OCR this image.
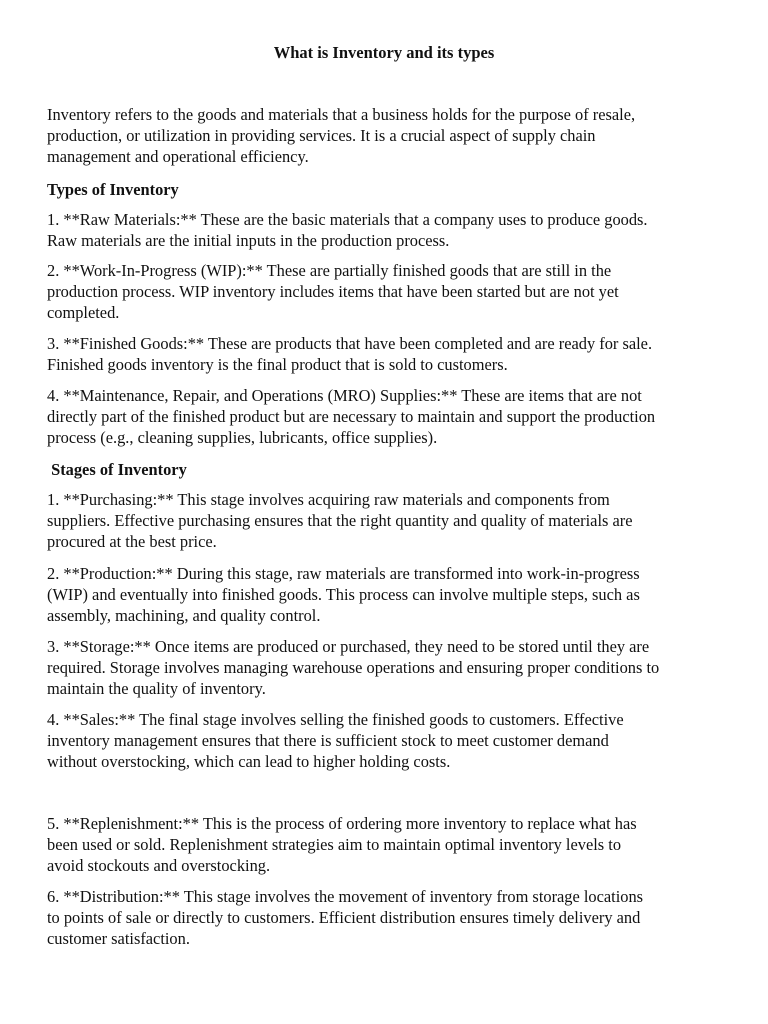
What is Inventory and its types

Inventory refers to the goods and materials that a business holds for the purpose of resale,
production, or utilization in providing services. It is a crucial aspect of supply chain
management and operational efficiency.

Types of Inventory

1. **Raw Materials:** These are the basic materials that a company uses to produce goods.
Raw materials are the initial inputs in the production process.

2. **Work-In-Progress (WIP):** These are partially finished goods that are still in the
production process. WIP inventory includes items that have been started but are not yet
completed.

3. **Finished Goods:** These are products that have been completed and are ready for sale.
Finished goods inventory is the final product that is sold to customers.

4. **Maintenance, Repair, and Operations (MRO) Supplies:** These are items that are not
directly part of the finished product but are necessary to maintain and support the production
process (e.g., cleaning supplies, lubricants, office supplies).

Stages of Inventory

1. **Purchasing:** This stage involves acquiring raw materials and components from
suppliers. Effective purchasing ensures that the right quantity and quality of materials are
procured at the best price.

2. **Production:** During this stage, raw materials are transformed into work-in-progress
(WIP) and eventually into finished goods. This process can involve multiple steps, such as
assembly, machining, and quality control.

3. **Storage:** Once items are produced or purchased, they need to be stored until they are
required. Storage involves managing warehouse operations and ensuring proper conditions to
maintain the quality of inventory.

4. **Sales:** The final stage involves selling the finished goods to customers. Effective
inventory management ensures that there is sufficient stock to meet customer demand
without overstocking, which can lead to higher holding costs.

5. **Replenishment:** This is the process of ordering more inventory to replace what has
been used or sold. Replenishment strategies aim to maintain optimal inventory levels to
avoid stockouts and overstocking.

6. **Distribution:** This stage involves the movement of inventory from storage locations
to points of sale or directly to customers. Efficient distribution ensures timely delivery and
customer satisfaction.
